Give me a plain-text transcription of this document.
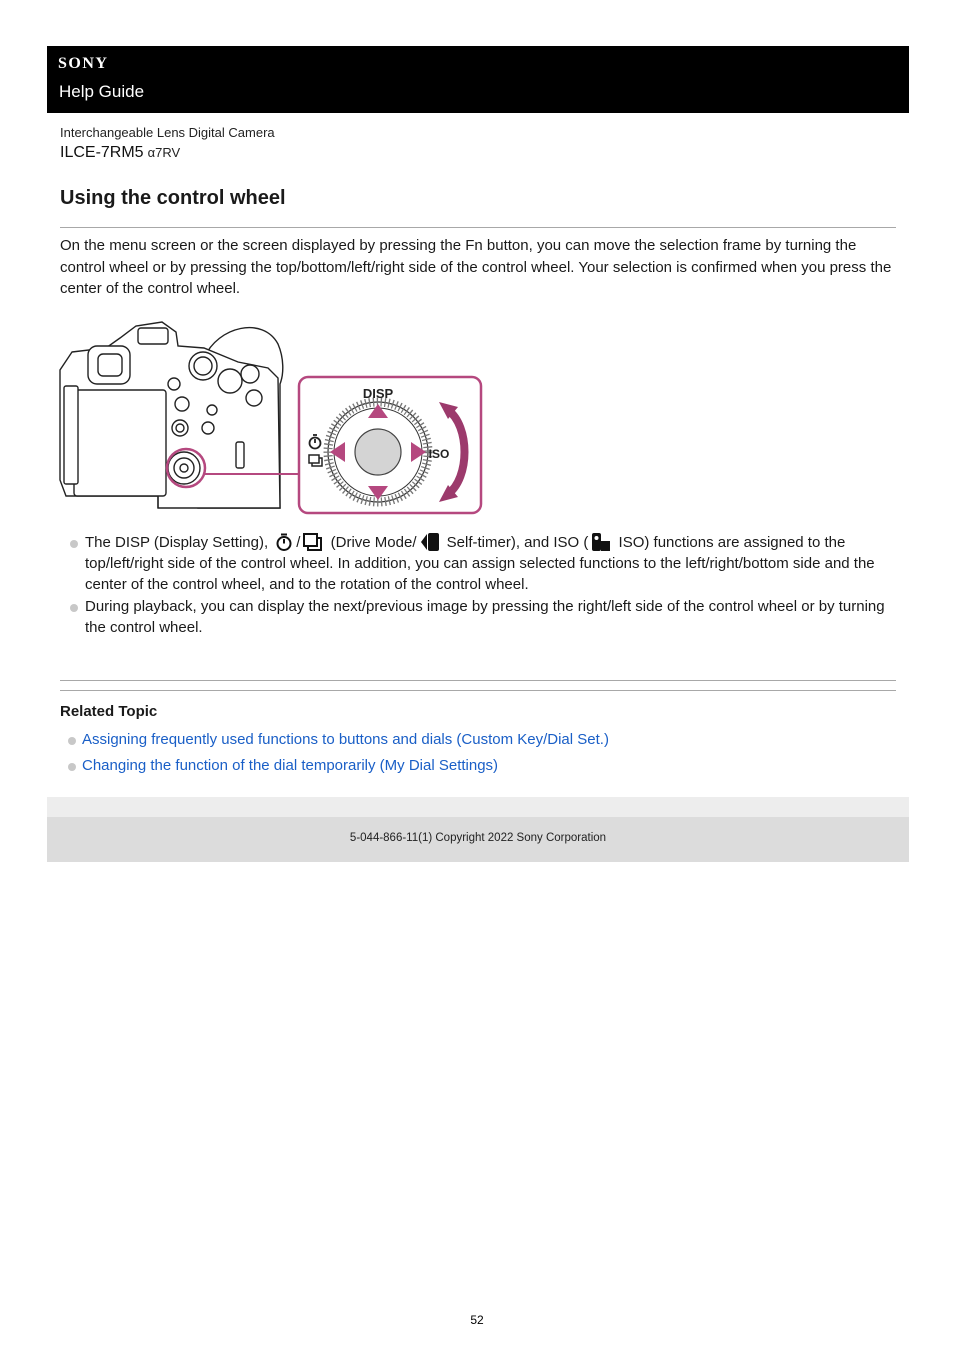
SONY
Help Guide
Interchangeable Lens Digital Camera
ILCE-7RM5 α7RV
Using the control wheel

On the menu screen or the screen displayed by pressing the Fn button, you can move the selection frame by turning the control wheel or by pressing the top/bottom/left/right side of the control wheel. Your selection is confirmed when you press the center of the control wheel.

DISP
ISO
The DISP (Display Setting), / (Drive Mode/ Self-timer), and ISO ( ISO) functions are assigned to the top/left/right side of the control wheel. In addition, you can assign selected functions to the left/right/bottom side and the center of the control wheel, and to the rotation of the control wheel.
During playback, you can display the next/previous image by pressing the right/left side of the control wheel or by turning the control wheel.
Related Topic
Assigning frequently used functions to buttons and dials (Custom Key/Dial Set.)
Changing the function of the dial temporarily (My Dial Settings)
5-044-866-11(1) Copyright 2022 Sony Corporation
52
